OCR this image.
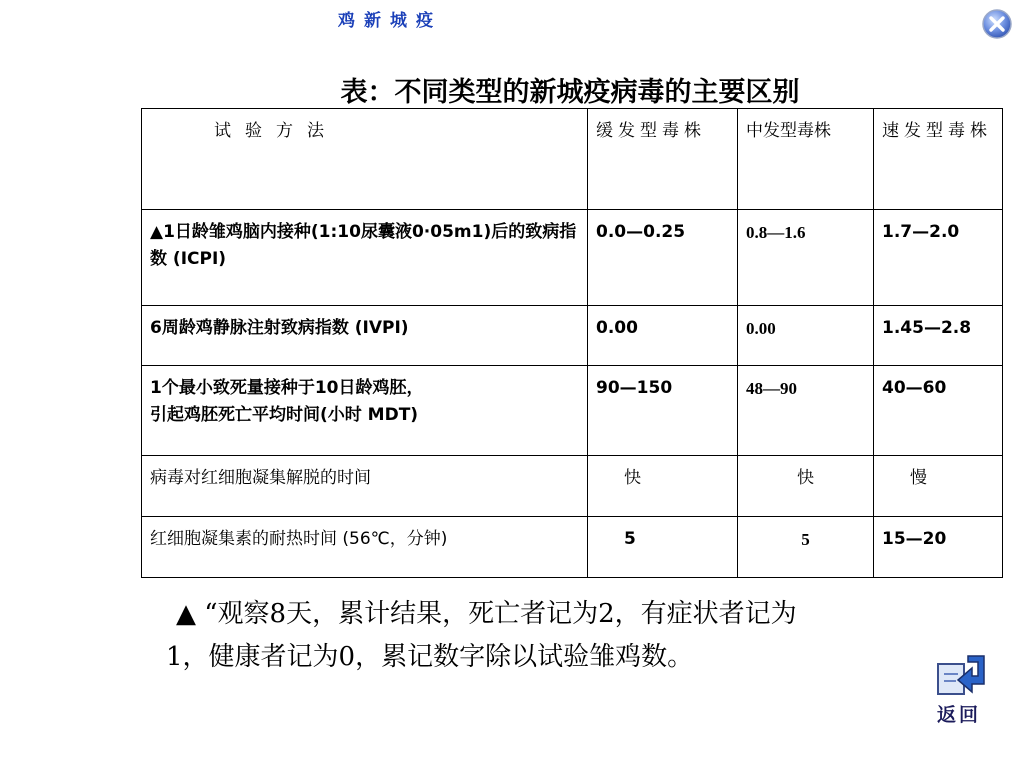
鸡新城疫
表：不同类型的新城疫病毒的主要区别
试验方法	缓发型毒株	中发型毒株	速发型毒株
▲1日龄雏鸡脑内接种(1:10尿囊液0·05m1)后的致病指数 (ICPI)	0.0—0.25	0.8—1.6	1.7—2.0
6周龄鸡静脉注射致病指数 (IVPI)	0.00	0.00	1.45—2.8

1个最小致死量接种于10日龄鸡胚，
引起鸡胚死亡平均时间(小时 MDT)	90—150	48—90	40—60
病毒对红细胞凝集解脱的时间	快	快	慢
红细胞凝集素的耐热时间 (56℃，分钟)	5	5	15—20
▲ “观察8天，累计结果，死亡者记为2，有症状者记为
1，健康者记为0，累记数字除以试验雏鸡数。
返回
